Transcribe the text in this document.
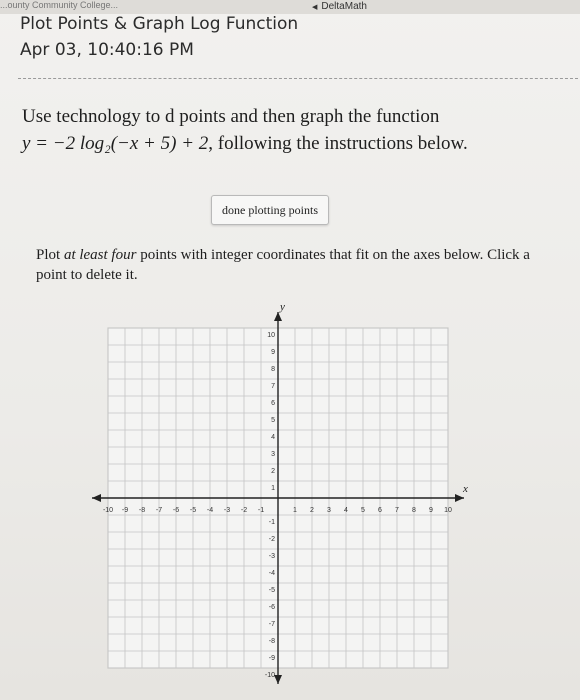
...ounty Community College...	◀ DeltaMath
Plot Points & Graph Log Function
Apr 03, 10:40:16 PM
Use technology to d points and then graph the function
y = −2 log₂(−x + 5) + 2, following the instructions below.
done plotting points
Plot at least four points with integer coordinates that fit on the axes below. Click a point to delete it.
x
y
-10 -9 -8 -7 -6 -5 -4 -3 -2 -1	1 2 3 4 5 6 7 8 9 10
10
9
8
7
6
5
4
3
2
1
-1
-2
-3
-4
-5
-6
-7
-8
-9
-10
